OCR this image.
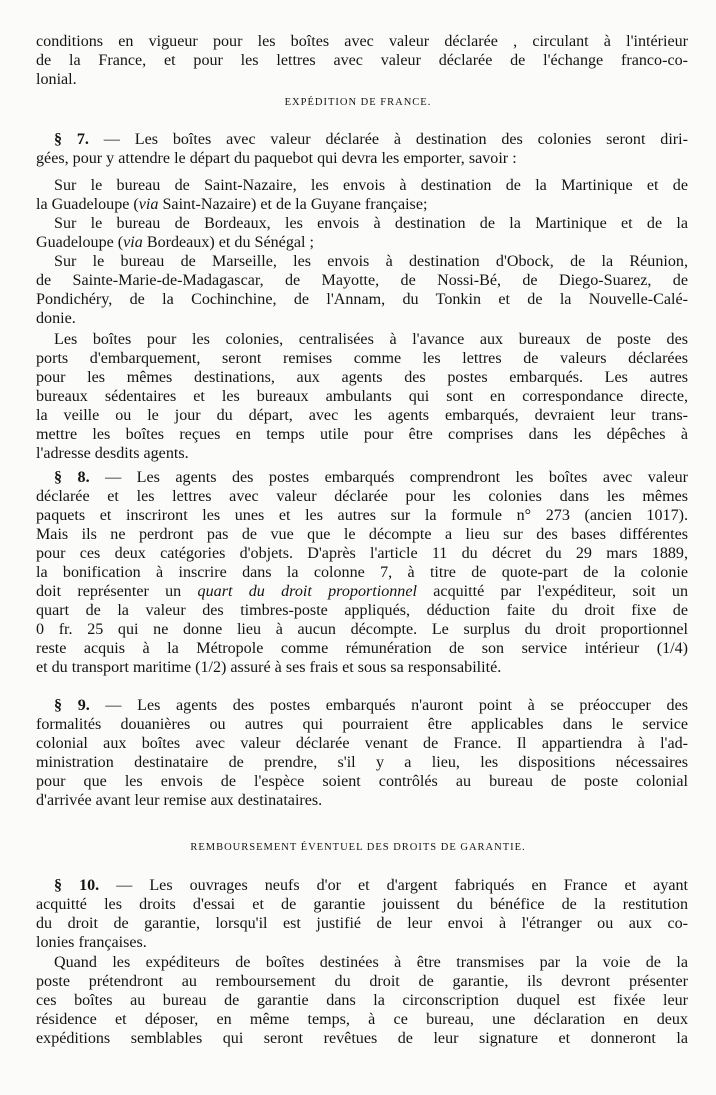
conditions en vigueur pour les boîtes avec valeur déclarée , circulant à l'intérieur
de la France, et pour les lettres avec valeur déclarée de l'échange franco-co-
lonial.
EXPÉDITION DE FRANCE.
§ 7. — Les boîtes avec valeur déclarée à destination des colonies seront diri-
gées, pour y attendre le départ du paquebot qui devra les emporter, savoir :
Sur le bureau de Saint-Nazaire, les envois à destination de la Martinique et de
la Guadeloupe (via Saint-Nazaire) et de la Guyane française;
Sur le bureau de Bordeaux, les envois à destination de la Martinique et de la
Guadeloupe (via Bordeaux) et du Sénégal ;
Sur le bureau de Marseille, les envois à destination d'Obock, de la Réunion,
de Sainte-Marie-de-Madagascar, de Mayotte, de Nossi-Bé, de Diego-Suarez, de
Pondichéry, de la Cochinchine, de l'Annam, du Tonkin et de la Nouvelle-Calé-
donie.
Les boîtes pour les colonies, centralisées à l'avance aux bureaux de poste des
ports d'embarquement, seront remises comme les lettres de valeurs déclarées
pour les mêmes destinations, aux agents des postes embarqués. Les autres
bureaux sédentaires et les bureaux ambulants qui sont en correspondance directe,
la veille ou le jour du départ, avec les agents embarqués, devraient leur trans-
mettre les boîtes reçues en temps utile pour être comprises dans les dépêches à
l'adresse desdits agents.
§ 8. — Les agents des postes embarqués comprendront les boîtes avec valeur
déclarée et les lettres avec valeur déclarée pour les colonies dans les mêmes
paquets et inscriront les unes et les autres sur la formule n° 273 (ancien 1017).
Mais ils ne perdront pas de vue que le décompte a lieu sur des bases différentes
pour ces deux catégories d'objets. D'après l'article 11 du décret du 29 mars 1889,
la bonification à inscrire dans la colonne 7, à titre de quote-part de la colonie
doit représenter un quart du droit proportionnel acquitté par l'expéditeur, soit un
quart de la valeur des timbres-poste appliqués, déduction faite du droit fixe de
0 fr. 25 qui ne donne lieu à aucun décompte. Le surplus du droit proportionnel
reste acquis à la Métropole comme rémunération de son service intérieur (1/4)
et du transport maritime (1/2) assuré à ses frais et sous sa responsabilité.
§ 9. — Les agents des postes embarqués n'auront point à se préoccuper des
formalités douanières ou autres qui pourraient être applicables dans le service
colonial aux boîtes avec valeur déclarée venant de France. Il appartiendra à l'ad-
ministration destinataire de prendre, s'il y a lieu, les dispositions nécessaires
pour que les envois de l'espèce soient contrôlés au bureau de poste colonial
d'arrivée avant leur remise aux destinataires.
REMBOURSEMENT ÉVENTUEL DES DROITS DE GARANTIE.
§ 10. — Les ouvrages neufs d'or et d'argent fabriqués en France et ayant
acquitté les droits d'essai et de garantie jouissent du bénéfice de la restitution
du droit de garantie, lorsqu'il est justifié de leur envoi à l'étranger ou aux co-
lonies françaises.
Quand les expéditeurs de boîtes destinées à être transmises par la voie de la
poste prétendront au remboursement du droit de garantie, ils devront présenter
ces boîtes au bureau de garantie dans la circonscription duquel est fixée leur
résidence et déposer, en même temps, à ce bureau, une déclaration en deux
expéditions semblables qui seront revêtues de leur signature et donneront la
